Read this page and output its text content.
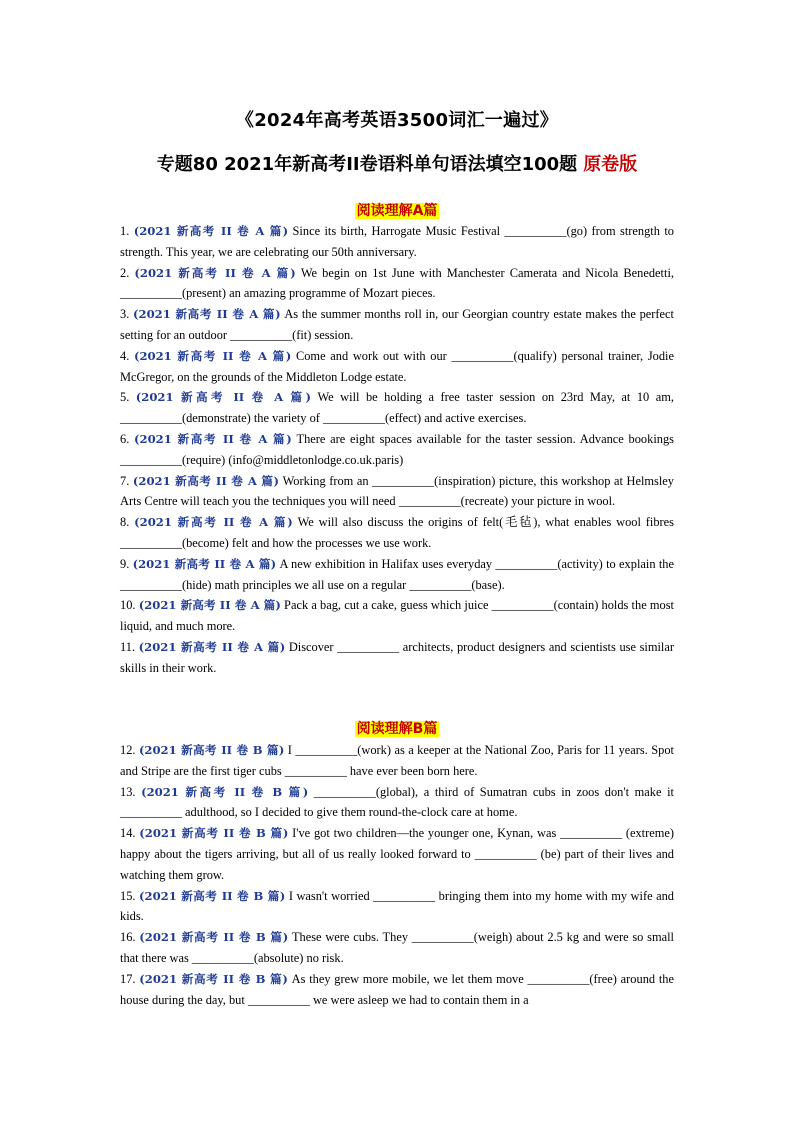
《2024年高考英语3500词汇一遍过》
专题80 2021年新高考II卷语料单句语法填空100题 原卷版
阅读理解A篇

1. (2021 新高考 II 卷 A 篇) Since its birth, Harrogate Music Festival __________(go) from strength to strength. This year, we are celebrating our 50th anniversary.

2. (2021 新高考 II 卷 A 篇) We begin on 1st June with Manchester Camerata and Nicola Benedetti, __________(present) an amazing programme of Mozart pieces.

3. (2021 新高考 II 卷 A 篇) As the summer months roll in, our Georgian country estate makes the perfect setting for an outdoor __________(fit) session.

4. (2021 新高考 II 卷 A 篇) Come and work out with our __________(qualify) personal trainer, Jodie McGregor, on the grounds of the Middleton Lodge estate.

5. (2021 新高考 II 卷 A 篇) We will be holding a free taster session on 23rd May, at 10 am, __________(demonstrate) the variety of __________(effect) and active exercises.

6. (2021 新高考 II 卷 A 篇) There are eight spaces available for the taster session. Advance bookings __________(require) (info@middletonlodge.co.uk.paris)

7. (2021 新高考 II 卷 A 篇) Working from an __________(inspiration) picture, this workshop at Helmsley Arts Centre will teach you the techniques you will need __________(recreate) your picture in wool.

8. (2021 新高考 II 卷 A 篇) We will also discuss the origins of felt(毛毡), what enables wool fibres __________(become) felt and how the processes we use work.

9. (2021 新高考 II 卷 A 篇) A new exhibition in Halifax uses everyday __________(activity) to explain the __________(hide) math principles we all use on a regular __________(base).

10. (2021 新高考 II 卷 A 篇) Pack a bag, cut a cake, guess which juice __________(contain) holds the most liquid, and much more.

11. (2021 新高考 II 卷 A 篇) Discover __________ architects, product designers and scientists use similar skills in their work.

阅读理解B篇

12. (2021 新高考 II 卷 B 篇) I __________(work) as a keeper at the National Zoo, Paris for 11 years. Spot and Stripe are the first tiger cubs __________ have ever been born here.

13. (2021 新高考 II 卷 B 篇) __________(global), a third of Sumatran cubs in zoos don't make it __________ adulthood, so I decided to give them round-the-clock care at home.

14. (2021 新高考 II 卷 B 篇) I've got two children—the younger one, Kynan, was __________ (extreme) happy about the tigers arriving, but all of us really looked forward to __________ (be) part of their lives and watching them grow.

15. (2021 新高考 II 卷 B 篇) I wasn't worried __________ bringing them into my home with my wife and kids.

16. (2021 新高考 II 卷 B 篇) These were cubs. They __________(weigh) about 2.5 kg and were so small that there was __________(absolute) no risk.

17. (2021 新高考 II 卷 B 篇) As they grew more mobile, we let them move __________(free) around the house during the day, but __________ we were asleep we had to contain them in a
